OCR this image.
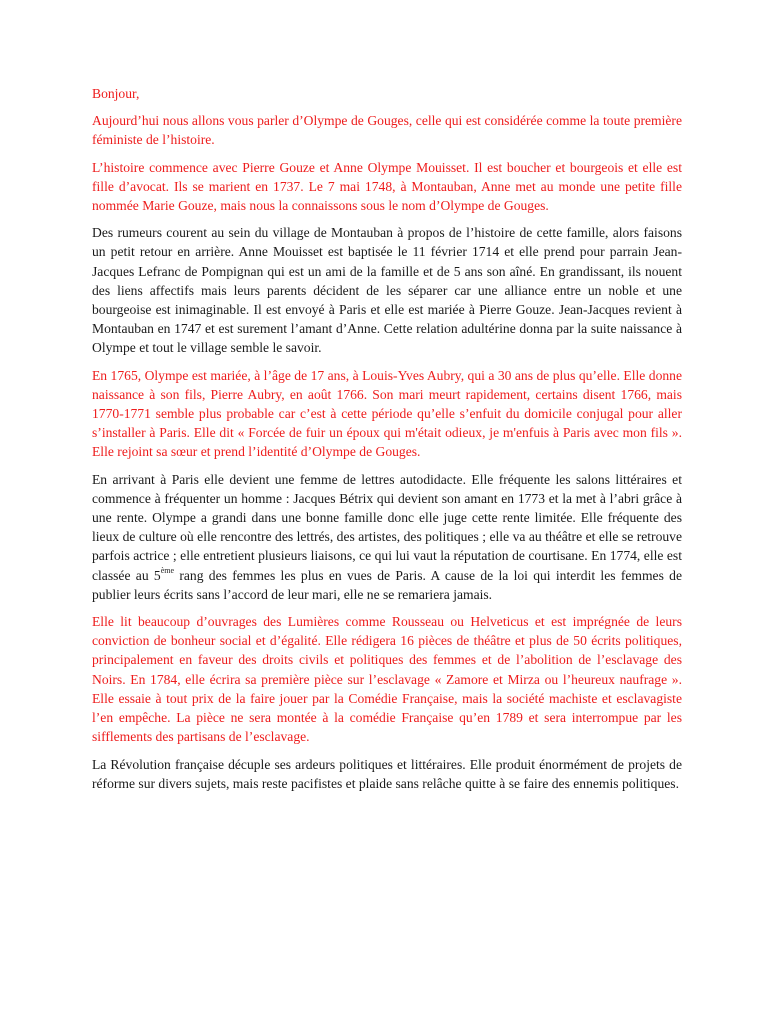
Bonjour,

Aujourd’hui nous allons vous parler d’Olympe de Gouges, celle qui est considérée comme la toute première féministe de l’histoire.

L’histoire commence avec Pierre Gouze et Anne Olympe Mouisset. Il est boucher et bourgeois et elle est fille d’avocat. Ils se marient en 1737. Le 7 mai 1748, à Montauban, Anne met au monde une petite fille nommée Marie Gouze, mais nous la connaissons sous le nom d’Olympe de Gouges.

Des rumeurs courent au sein du village de Montauban à propos de l’histoire de cette famille, alors faisons un petit retour en arrière. Anne Mouisset est baptisée le 11 février 1714 et elle prend pour parrain Jean-Jacques Lefranc de Pompignan qui est un ami de la famille et de 5 ans son aîné. En grandissant, ils nouent des liens affectifs mais leurs parents décident de les séparer car une alliance entre un noble et une bourgeoise est inimaginable. Il est envoyé à Paris et elle est mariée à Pierre Gouze. Jean-Jacques revient à Montauban en 1747 et est surement l’amant d’Anne. Cette relation adultérine donna par la suite naissance à Olympe et tout le village semble le savoir.

En 1765, Olympe est mariée, à l’âge de 17 ans, à Louis-Yves Aubry, qui a 30 ans de plus qu’elle. Elle donne naissance à son fils, Pierre Aubry, en août 1766. Son mari meurt rapidement, certains disent 1766, mais 1770-1771 semble plus probable car c’est à cette période qu’elle s’enfuit du domicile conjugal pour aller s’installer à Paris. Elle dit « Forcée de fuir un époux qui m'était odieux, je m'enfuis à Paris avec mon fils ». Elle rejoint sa sœur et prend l’identité d’Olympe de Gouges.

En arrivant à Paris elle devient une femme de lettres autodidacte. Elle fréquente les salons littéraires et commence à fréquenter un homme : Jacques Bétrix qui devient son amant en 1773 et la met à l’abri grâce à une rente. Olympe a grandi dans une bonne famille donc elle juge cette rente limitée. Elle fréquente des lieux de culture où elle rencontre des lettrés, des artistes, des politiques ; elle va au théâtre et elle se retrouve parfois actrice ; elle entretient plusieurs liaisons, ce qui lui vaut la réputation de courtisane. En 1774, elle est classée au 5ème rang des femmes les plus en vues de Paris. A cause de la loi qui interdit les femmes de publier leurs écrits sans l’accord de leur mari, elle ne se remariera jamais.

Elle lit beaucoup d’ouvrages des Lumières comme Rousseau ou Helveticus et est imprégnée de leurs conviction de bonheur social et d’égalité. Elle rédigera 16 pièces de théâtre et plus de 50 écrits politiques, principalement en faveur des droits civils et politiques des femmes et de l’abolition de l’esclavage des Noirs. En 1784, elle écrira sa première pièce sur l’esclavage « Zamore et Mirza ou l’heureux naufrage ». Elle essaie à tout prix de la faire jouer par la Comédie Française, mais la société machiste et esclavagiste l’en empêche. La pièce ne sera montée à la comédie Française qu’en 1789 et sera interrompue par les sifflements des partisans de l’esclavage.

La Révolution française décuple ses ardeurs politiques et littéraires. Elle produit énormément de projets de réforme sur divers sujets, mais reste pacifistes et plaide sans relâche quitte à se faire des ennemis politiques.
